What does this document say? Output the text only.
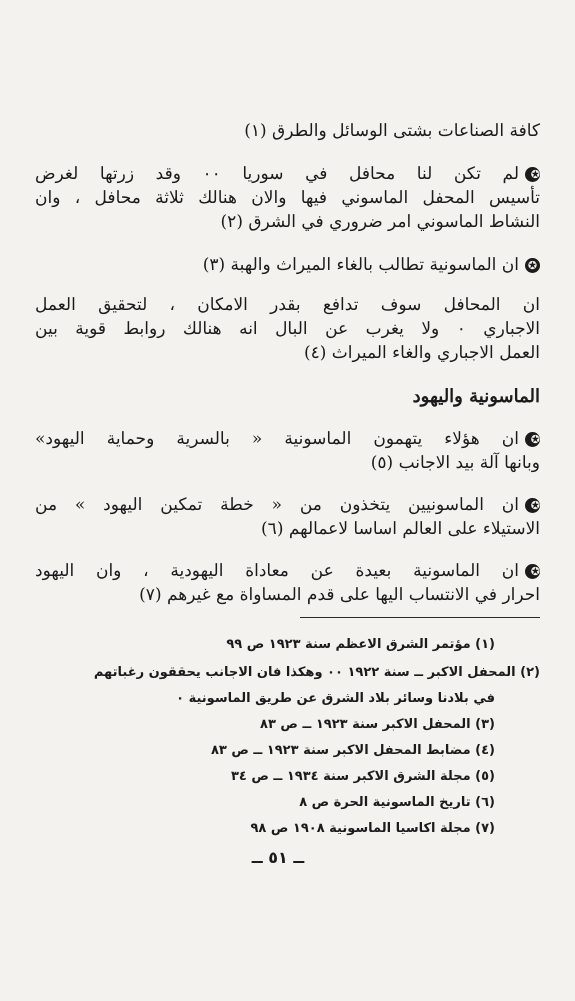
كافة الصناعات بشتى الوسائل والطرق (١)

✪لم تكن لنا محافل في سوريا ٠٠ وقد زرتها لغرض

تأسيس المحفل الماسوني فيها والان هنالك ثلاثة محافل ، وان

النشاط الماسوني امر ضروري في الشرق (٢)

✪ان الماسونية تطالب بالغاء الميراث والهبة (٣)

ان المحافل سوف تدافع بقدر الامكان ، لتحقيق العمل

الاجباري ٠ ولا يغرب عن البال انه هنالك روابط قوية بين

العمل الاجباري والغاء الميراث (٤)

الماسونية واليهود

✪ان هؤلاء يتهمون الماسونية « بالسرية وحماية اليهود»

وبانها آلة بيد الاجانب (٥)

✪ان الماسونيين يتخذون من « خطة تمكين اليهود » من

الاستيلاء على العالم اساسا لاعمالهم (٦)

✪ان الماسونية بعيدة عن معاداة اليهودية ، وان اليهود

احرار في الانتساب اليها على قدم المساواة مع غيرهم (٧)

(١) مؤتمر الشرق الاعظم سنة ١٩٢٣ ص ٩٩
(٢) المحفل الاكبر ــ سنة ١٩٢٢ ٠٠ وهكذا فان الاجانب يحققون رغباتهم
في بلادنا وسائر بلاد الشرق عن طريق الماسونية ٠
(٣) المحفل الاكبر سنة ١٩٢٣ ــ ص ٨٣
(٤) مضابط المحفل الاكبر سنة ١٩٢٣ ــ ص ٨٣
(٥) مجلة الشرق الاكبر سنة ١٩٣٤ ــ ص ٣٤
(٦) تاريخ الماسونية الحرة ص ٨
(٧) مجلة اكاسيا الماسونية ١٩٠٨ ص ٩٨
ــ ٥١ ــ
